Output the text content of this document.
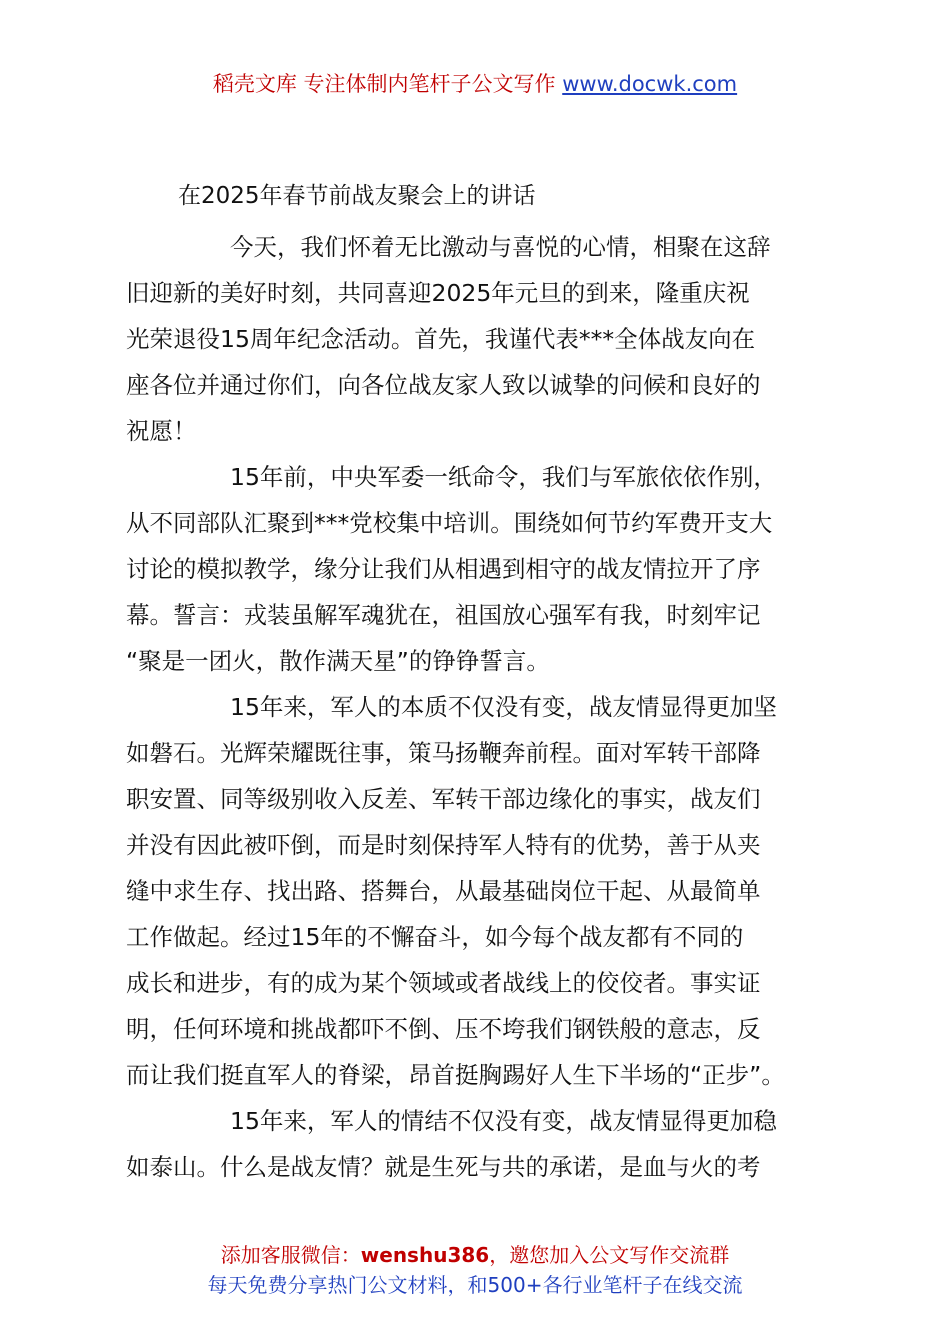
稻壳文库 专注体制内笔杆子公文写作 www.docwk.com
在2025年春节前战友聚会上的讲话
今天，我们怀着无比激动与喜悦的心情，相聚在这辞
旧迎新的美好时刻，共同喜迎2025年元旦的到来，隆重庆祝
光荣退役15周年纪念活动。首先，我谨代表***全体战友向在
座各位并通过你们，向各位战友家人致以诚挚的问候和良好的
祝愿！
15年前，中央军委一纸命令，我们与军旅依依作别，
从不同部队汇聚到***党校集中培训。围绕如何节约军费开支大
讨论的模拟教学，缘分让我们从相遇到相守的战友情拉开了序
幕。誓言：戎装虽解军魂犹在，祖国放心强军有我，时刻牢记
“聚是一团火，散作满天星”的铮铮誓言。
15年来，军人的本质不仅没有变，战友情显得更加坚
如磐石。光辉荣耀既往事，策马扬鞭奔前程。面对军转干部降
职安置、同等级别收入反差、军转干部边缘化的事实，战友们
并没有因此被吓倒，而是时刻保持军人特有的优势，善于从夹
缝中求生存、找出路、搭舞台，从最基础岗位干起、从最简单
工作做起。经过15年的不懈奋斗，如今每个战友都有不同的
成长和进步，有的成为某个领域或者战线上的佼佼者。事实证
明，任何环境和挑战都吓不倒、压不垮我们钢铁般的意志，反
而让我们挺直军人的脊梁，昂首挺胸踢好人生下半场的“正步”。
15年来，军人的情结不仅没有变，战友情显得更加稳
如泰山。什么是战友情？就是生死与共的承诺，是血与火的考
添加客服微信：wenshu386，邀您加入公文写作交流群
每天免费分享热门公文材料，和500+各行业笔杆子在线交流
